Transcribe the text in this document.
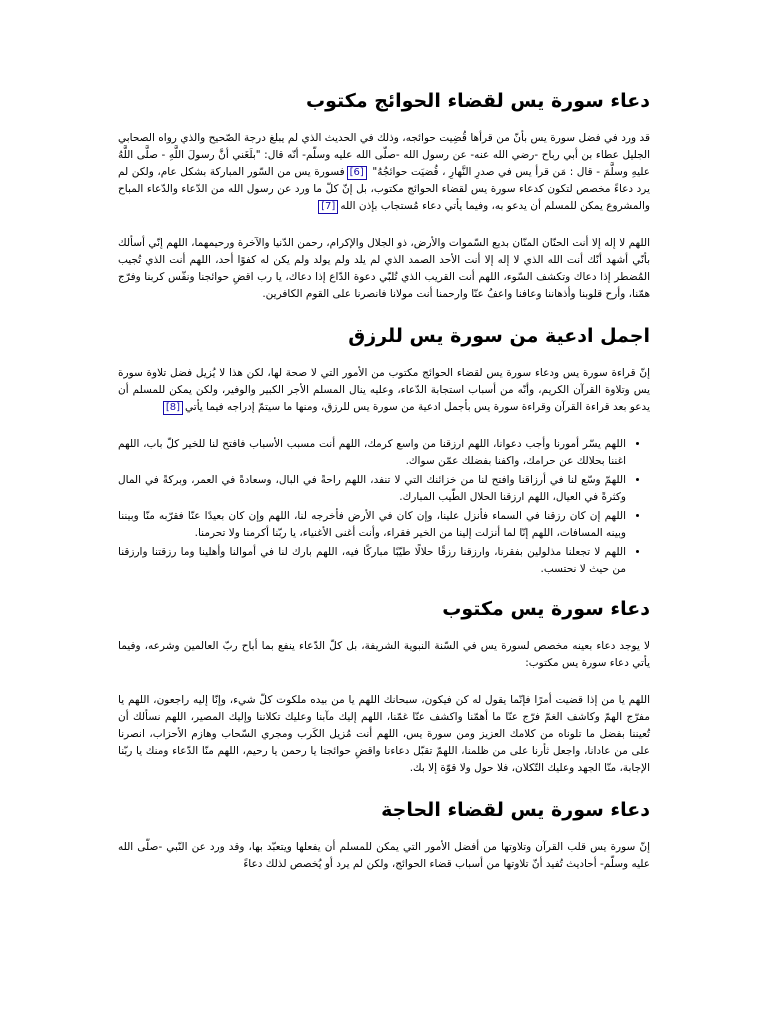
دعاء سورة يس لقضاء الحوائج مكتوب

قد ورد في فضل سورة يس بأنّ من قرأها قُضِيت حوائجه، وذلك في الحديث الذي لم يبلغ درجة الصّحيح والذي رواه الصحابي الجليل عطاء بن أبي رباح -رضي الله عنه- عن رسول الله -صلّى الله عليه وسلّم- أنّه قال: "بلَغَني أنَّ رسولَ اللَّهِ - صلَّى اللَّهُ عليهِ وسلَّمَ - قال : مَن قرأ يس في صدرِ النَّهارِ ، قُضيَت حوائجُهُ" [6]فسورة يس من السّور المباركة بشكل عام، ولكن لم يرد دعاءً مخصص لتكون كدعاء سورة يس لقضاء الحوائج مكتوب، بل إنّ كلّ ما ورد عن رسول الله من الدّعاء والدّعاء المباح والمشروع يمكن للمسلم أن يدعو به، وفيما يأتي دعاء مُستجاب بإذن الله[7]

اللهم لا إله إلا أنت الحنّان المنّان بديع السّموات والأرض، ذو الجلال والإكرام، رحمن الدّنيا والآخرة ورحيمهما، اللهم إنّي أسألك بأنّي أشهد أنّك أنت الله الذي لا إله إلا أنت الأحد الصمد الذي لم يلد ولم يولد ولم يكن له كفوًا أحد، اللهم أنت الذي تُجيب المُضطر إذا دعاك وتكشف السّوء، اللهم أنت القريب الذي تُلبّي دعوة الدّاع إذا دعاك، يا رب اقضِ حوائجنا ونفّس كربنا وفرّج همّنا، وأرح قلوبنا وأذهاننا وعافنا واعفُ عنّا وارحمنا أنت مولانا فانصرنا على القوم الكافرين.

اجمل ادعية من سورة يس للرزق

إنّ قراءة سورة يس ودعاء سورة يس لقضاء الحوائج مكتوب من الأمور التي لا صحة لها، لكن هذا لا يُزيل فضل تلاوة سورة يس وتلاوة القرآن الكريم، وأنّه من أسباب استجابة الدّعاء، وعليه ينال المسلم الأجر الكبير والوفير، ولكن يمكن للمسلم أن يدعو بعد قراءة القرآن وقراءة سورة يس بأجمل ادعية من سورة يس للرزق، ومنها ما سيتمّ إدراجه فيما يأتي[8]

• اللهم يسّر أمورنا وأجب دعوانا، اللهم ارزقنا من واسع كرمك، اللهم أنت مسبب الأسباب فافتح لنا للخير كلّ باب، اللهم اغننا بحلالك عن حرامك، واكفنا بفضلك عمّن سواك.
• اللهمّ وسّع لنا في أرزاقنا وافتح لنا من خزائنك التي لا تنفد، اللهم راحةً في البال، وسعادةً في العمر، وبركةً في المال وكثرةً في العيال، اللهم ارزقنا الحلال الطّيب المبارك.
• اللهم إن كان رزقنا في السماء فأنزل علينا، وإن كان في الأرض فأخرجه لنا، اللهم وإن كان بعيدًا عنّا فقرّبه منّا وبيننا وبينه المسافات، اللهم إنّا لما أنزلت إلينا من الخير فقراء، وأنت أغنى الأغنياء، يا ربّنا أكرمنا ولا تحرمنا.
• اللهم لا تجعلنا مذلولين بفقرنا، وارزقنا رزقًا حلالًا طيّبًا مباركًا فيه، اللهم بارك لنا في أموالنا وأهلينا وما رزقتنا وارزقنا من حيث لا نحتسب.
دعاء سورة يس مكتوب

لا يوجد دعاء بعينه مخصص لسورة يس في السّنة النبوية الشريفة، بل كلّ الدّعاء ينفع بما أباح ربّ العالمين وشرعه، وفيما يأتي دعاء سورة يس مكتوب:

اللهم يا من إذا قضيت أمرًا فإنّما يقول له كن فيكون، سبحانك اللهم يا من بيده ملكوت كلّ شيء، وإنّا إليه راجعون، اللهم يا مفرّج الهمّ وكاشف الغمّ فرّج عنّا ما أهمّنا واكشف عنّا غمّنا، اللهم إليك مآبنا وعليك تكلاننا وإليك المصير، اللهم نسألك أن تُعيننا بفضل ما تلوناه من كلامك العزيز ومن سورة يس، اللهم أنت مُزيل الكَرب ومجري السّحاب وهازم الأحزاب، انصرنا على من عادانا، واجعل ثأرنا على من ظلمنا، اللهمّ تقبّل دعاءنا واقضِ حوائجنا يا رحمن يا رحيم، اللهم منّا الدّعاء ومنك يا ربّنا الإجابة، منّا الجهد وعليك التّكلان، فلا حول ولا قوّة إلا بك.

دعاء سورة يس لقضاء الحاجة

إنّ سورة يس قلب القرآن وتلاوتها من أفضل الأمور التي يمكن للمسلم أن يفعلها ويتعبّد بها، وقد ورد عن النّبي -صلّى الله عليه وسلّم- أحاديث تُفيد أنّ تلاوتها من أسباب قضاء الحوائج، ولكن لم يرد أو يُخصص لذلك دعاءً
